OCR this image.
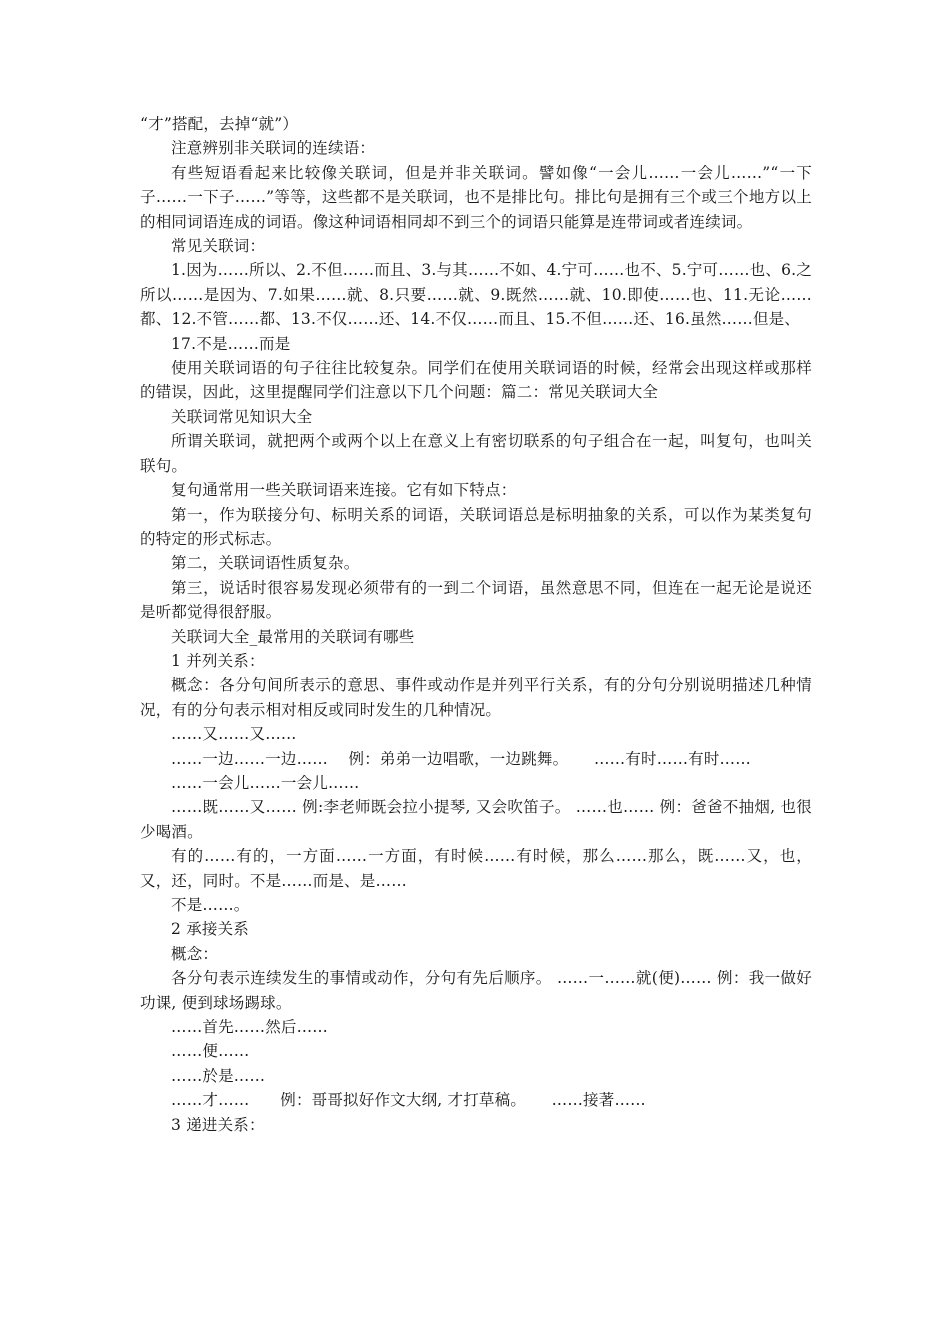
“才”搭配，去掉“就”）

注意辨别非关联词的连续语：

有些短语看起来比较像关联词，但是并非关联词。譬如像“一会儿……一会儿……”“一下子……一下子……”等等，这些都不是关联词，也不是排比句。排比句是拥有三个或三个地方以上的相同词语连成的词语。像这种词语相同却不到三个的词语只能算是连带词或者连续词。

常见关联词：

1.因为……所以、2.不但……而且、3.与其……不如、4.宁可……也不、5.宁可……也、6.之所以……是因为、7.如果……就、8.只要……就、9.既然……就、10.即使……也、11.无论……都、12.不管……都、13.不仅……还、14.不仅……而且、15.不但……还、16.虽然……但是、

17.不是……而是

使用关联词语的句子往往比较复杂。同学们在使用关联词语的时候，经常会出现这样或那样的错误，因此，这里提醒同学们注意以下几个问题：篇二：常见关联词大全

关联词常见知识大全

所谓关联词，就把两个或两个以上在意义上有密切联系的句子组合在一起，叫复句，也叫关联句。

复句通常用一些关联词语来连接。它有如下特点：

第一，作为联接分句、标明关系的词语，关联词语总是标明抽象的关系，可以作为某类复句的特定的形式标志。

第二，关联词语性质复杂。

第三，说话时很容易发现必须带有的一到二个词语，虽然意思不同，但连在一起无论是说还是听都觉得很舒服。

关联词大全_最常用的关联词有哪些

1 并列关系：

概念：各分句间所表示的意思、事件或动作是并列平行关系，有的分句分别说明描述几种情况，有的分句表示相对相反或同时发生的几种情况。

……又……又……

……一边……一边……    例：弟弟一边唱歌，一边跳舞。     ……有时……有时……

……一会儿……一会儿……

……既……又…… 例:李老师既会拉小提琴, 又会吹笛子。 ……也…… 例：爸爸不抽烟, 也很少喝酒。

有的……有的，一方面……一方面，有时候……有时候，那么……那么，既……又，也，又，还，同时。不是……而是、是……

不是……。

2 承接关系

概念：

各分句表示连续发生的事情或动作，分句有先后顺序。 ……一……就(便)…… 例：我一做好功课, 便到球场踢球。

……首先……然后……

……便……

……於是……

……才……      例：哥哥拟好作文大纲, 才打草稿。     ……接著……

3 递进关系：
